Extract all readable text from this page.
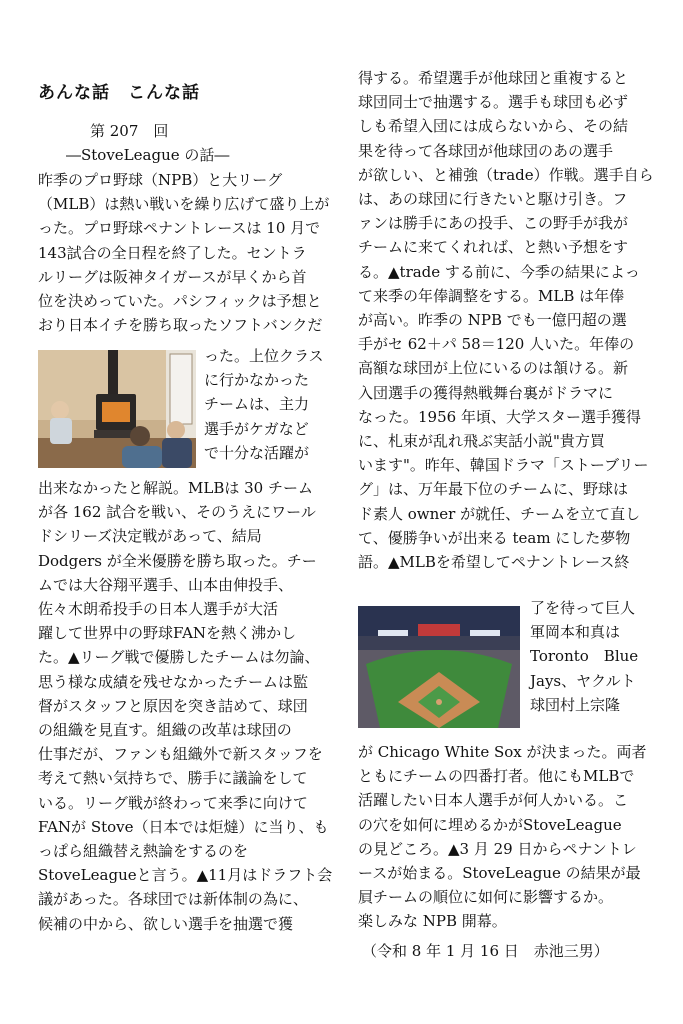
あんな話　こんな話
第 207　回
―StoveLeague の話―
昨季のプロ野球（NPB）と大リーグ
（MLB）は熱い戦いを繰り広げて盛り上が
った。プロ野球ペナントレースは 10 月で
143試合の全日程を終了した。セントラ
ルリーグは阪神タイガースが早くから首
位を決めっていた。パシフィックは予想と
おり日本イチを勝ち取ったソフトバンクだ
った。上位クラス
に行かなかった
チームは、主力
選手がケガなど
で十分な活躍が
出来なかったと解説。MLBは 30 チーム
が各 162 試合を戦い、そのうえにワール
ドシリーズ決定戦があって、結局
Dodgers が全米優勝を勝ち取った。チー
ムでは大谷翔平選手、山本由伸投手、
佐々木朗希投手の日本人選手が大活
躍して世界中の野球FANを熱く沸かし
た。▲リーグ戦で優勝したチームは勿論、
思う様な成績を残せなかったチームは監
督がスタッフと原因を突き詰めて、球団
の組織を見直す。組織の改革は球団の
仕事だが、ファンも組織外で新スタッフを
考えて熱い気持ちで、勝手に議論をして
いる。リーグ戦が終わって来季に向けて
FANが Stove（日本では炬燵）に当り、も
っぱら組織替え熱論をするのを
StoveLeagueと言う。▲11月はドラフト会
議があった。各球団では新体制の為に、
候補の中から、欲しい選手を抽選で獲
得する。希望選手が他球団と重複すると
球団同士で抽選する。選手も球団も必ず
しも希望入団には成らないから、その結
果を待って各球団が他球団のあの選手
が欲しい、と補強（trade）作戦。選手自ら
は、あの球団に行きたいと駆け引き。フ
ァンは勝手にあの投手、この野手が我が
チームに来てくれれば、と熱い予想をす
る。▲trade する前に、今季の結果によっ
て来季の年俸調整をする。MLB は年俸
が高い。昨季の NPB でも一億円超の選
手がセ 62＋パ 58＝120 人いた。年俸の
高額な球団が上位にいるのは頷ける。新
入団選手の獲得熱戦舞台裏がドラマに
なった。1956 年頃、大学スター選手獲得
に、札束が乱れ飛ぶ実話小説"貴方買
います"。昨年、韓国ドラマ「ストーブリー
グ」は、万年最下位のチームに、野球は
ド素人 owner が就任、チームを立て直し
て、優勝争いが出来る team にした夢物
語。▲MLBを希望してペナントレース終
了を待って巨人
軍岡本和真は
Toronto　Blue
Jays、ヤクルト
球団村上宗隆
が Chicago White Sox が決まった。両者
ともにチームの四番打者。他にもMLBで
活躍したい日本人選手が何人かいる。こ
の穴を如何に埋めるかがStoveLeague
の見どころ。▲3 月 29 日からペナントレ
ースが始まる。StoveLeague の結果が最
屓チームの順位に如何に影響するか。
楽しみな NPB 開幕。
（令和 8 年 1 月 16 日　赤池三男）
